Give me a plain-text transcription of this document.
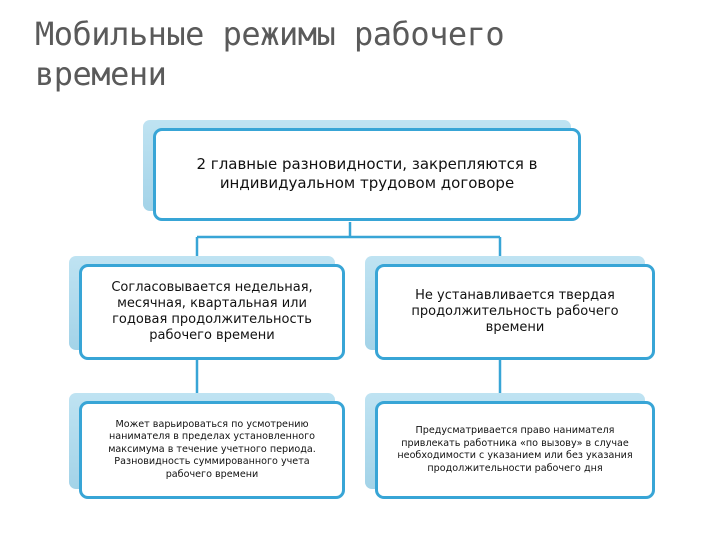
Мобильные режимы рабочего времени
2 главные разновидности, закрепляются в индивидуальном трудовом договоре
Согласовывается недельная, месячная, квартальная или годовая продолжительность рабочего времени
Не устанавливается твердая продолжительность рабочего времени
Может варьироваться по усмотрению нанимателя в пределах установленного максимума в течение учетного периода. Разновидность суммированного учета рабочего времени
Предусматривается право нанимателя привлекать работника «по вызову» в случае необходимости с указанием или без указания продолжительности рабочего дня
